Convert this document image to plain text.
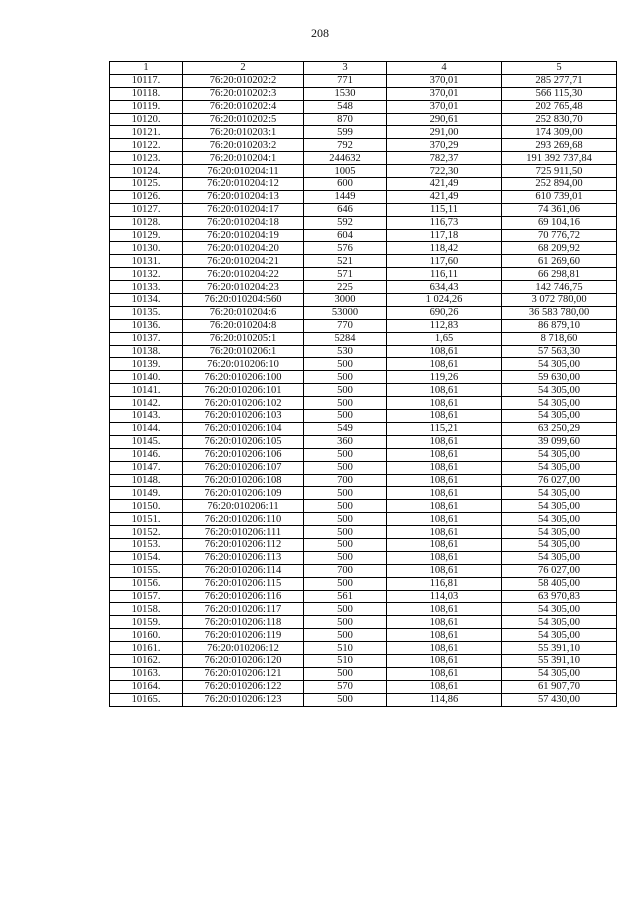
208
1	2	3	4	5
10117.	76:20:010202:2	771	370,01	285 277,71
10118.	76:20:010202:3	1530	370,01	566 115,30
10119.	76:20:010202:4	548	370,01	202 765,48
10120.	76:20:010202:5	870	290,61	252 830,70
10121.	76:20:010203:1	599	291,00	174 309,00
10122.	76:20:010203:2	792	370,29	293 269,68
10123.	76:20:010204:1	244632	782,37	191 392 737,84
10124.	76:20:010204:11	1005	722,30	725 911,50
10125.	76:20:010204:12	600	421,49	252 894,00
10126.	76:20:010204:13	1449	421,49	610 739,01
10127.	76:20:010204:17	646	115,11	74 361,06
10128.	76:20:010204:18	592	116,73	69 104,16
10129.	76:20:010204:19	604	117,18	70 776,72
10130.	76:20:010204:20	576	118,42	68 209,92
10131.	76:20:010204:21	521	117,60	61 269,60
10132.	76:20:010204:22	571	116,11	66 298,81
10133.	76:20:010204:23	225	634,43	142 746,75
10134.	76:20:010204:560	3000	1 024,26	3 072 780,00
10135.	76:20:010204:6	53000	690,26	36 583 780,00
10136.	76:20:010204:8	770	112,83	86 879,10
10137.	76:20:010205:1	5284	1,65	8 718,60
10138.	76:20:010206:1	530	108,61	57 563,30
10139.	76:20:010206:10	500	108,61	54 305,00
10140.	76:20:010206:100	500	119,26	59 630,00
10141.	76:20:010206:101	500	108,61	54 305,00
10142.	76:20:010206:102	500	108,61	54 305,00
10143.	76:20:010206:103	500	108,61	54 305,00
10144.	76:20:010206:104	549	115,21	63 250,29
10145.	76:20:010206:105	360	108,61	39 099,60
10146.	76:20:010206:106	500	108,61	54 305,00
10147.	76:20:010206:107	500	108,61	54 305,00
10148.	76:20:010206:108	700	108,61	76 027,00
10149.	76:20:010206:109	500	108,61	54 305,00
10150.	76:20:010206:11	500	108,61	54 305,00
10151.	76:20:010206:110	500	108,61	54 305,00
10152.	76:20:010206:111	500	108,61	54 305,00
10153.	76:20:010206:112	500	108,61	54 305,00
10154.	76:20:010206:113	500	108,61	54 305,00
10155.	76:20:010206:114	700	108,61	76 027,00
10156.	76:20:010206:115	500	116,81	58 405,00
10157.	76:20:010206:116	561	114,03	63 970,83
10158.	76:20:010206:117	500	108,61	54 305,00
10159.	76:20:010206:118	500	108,61	54 305,00
10160.	76:20:010206:119	500	108,61	54 305,00
10161.	76:20:010206:12	510	108,61	55 391,10
10162.	76:20:010206:120	510	108,61	55 391,10
10163.	76:20:010206:121	500	108,61	54 305,00
10164.	76:20:010206:122	570	108,61	61 907,70
10165.	76:20:010206:123	500	114,86	57 430,00
